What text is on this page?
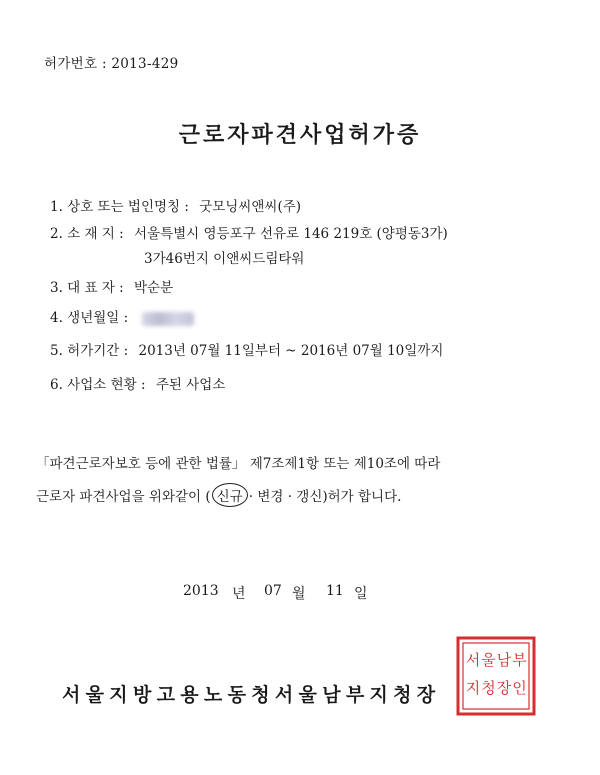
허가번호 : 2013-429
근로자파견사업허가증
1. 상호 또는 법인명칭 : 굿모닝씨앤씨(주)
2. 소 재 지 : 서울특별시 영등포구 선유로 146 219호 (양평동3가)
3가46번지 이앤씨드림타워
3. 대 표 자 : 박순분
4. 생년월일 :
5. 허가기간 : 2013년 07월 11일부터 ~ 2016년 07월 10일까지
6. 사업소 현황 : 주된 사업소
「파견근로자보호 등에 관한 법률」 제7조제1항 또는 제10조에 따라
근로자 파견사업을 위와같이 ( 신규 · 변경 · 갱신)허가 합니다.
2013 년 07 월 11 일
서울지방고용노동청서울남부지청장
서 울 남 부
지 청 장 인
